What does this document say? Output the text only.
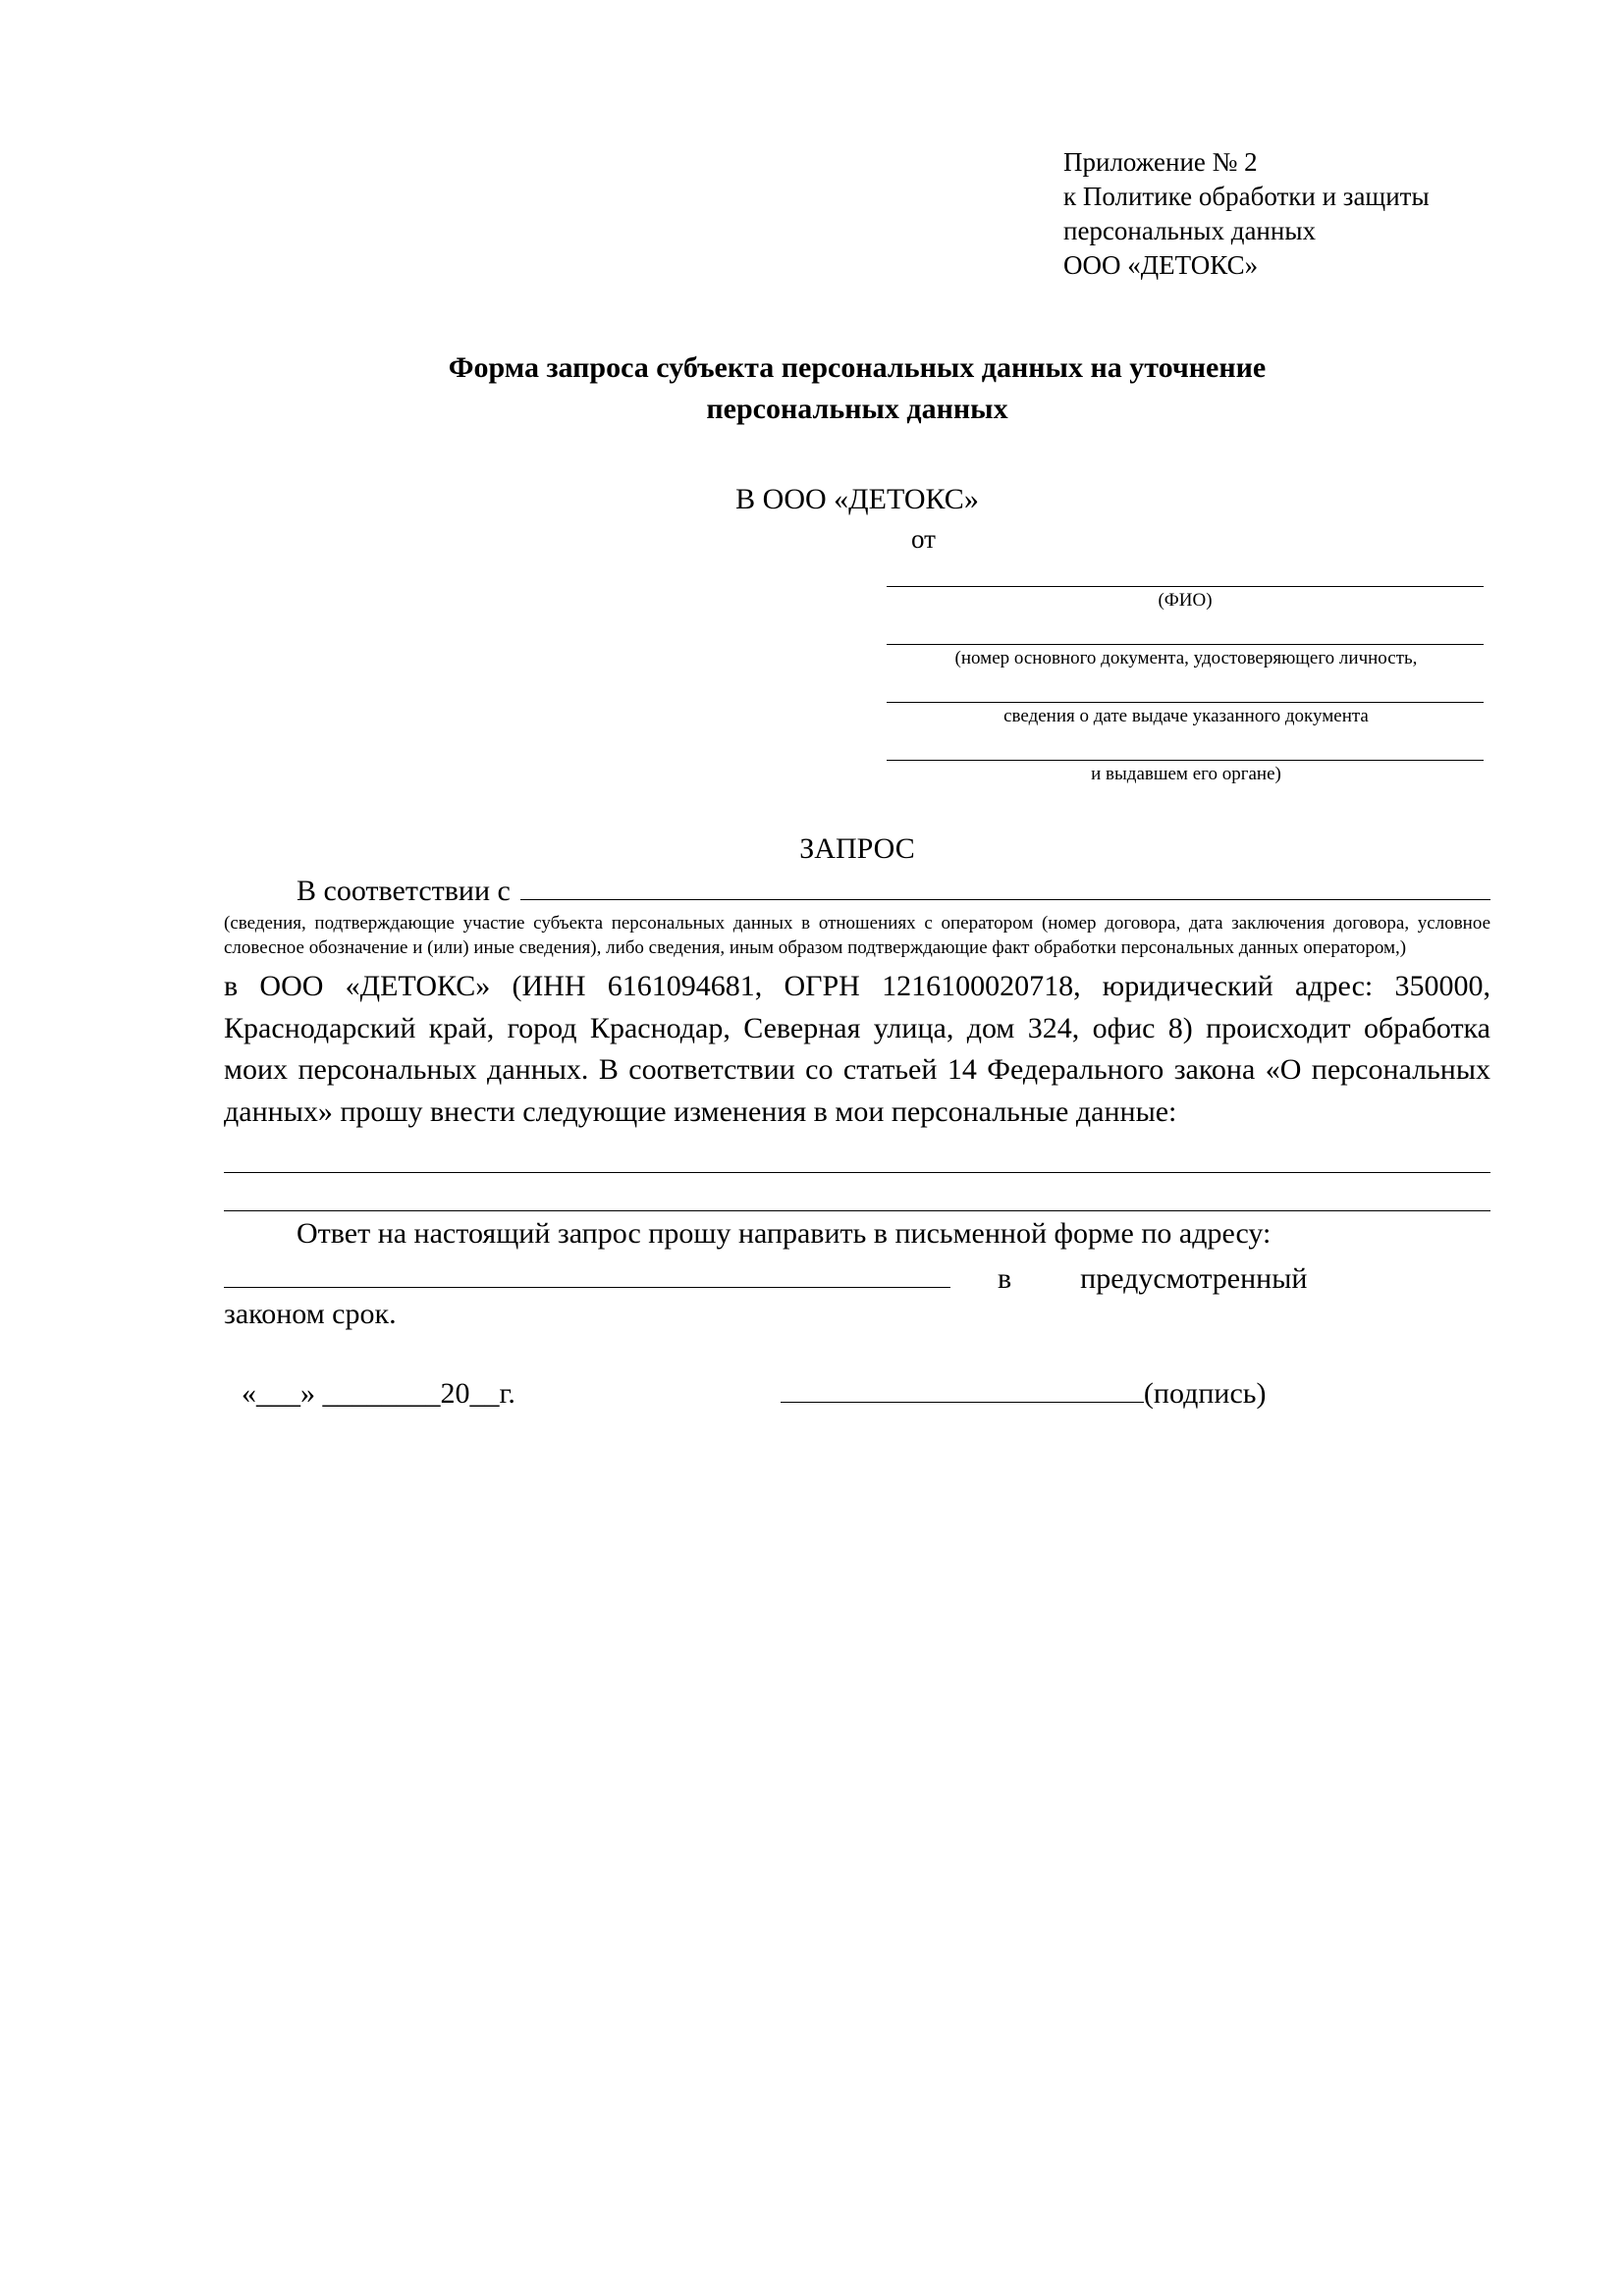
Приложение № 2
к Политике обработки и защиты
персональных данных
ООО «ДЕТОКС»
Форма запроса субъекта персональных данных на уточнение
персональных данных
В ООО «ДЕТОКС»
от
(ФИО)
(номер основного документа, удостоверяющего личность,
сведения о дате выдаче указанного документа
и выдавшем его органе)
ЗАПРОС
В соответствии с
(сведения, подтверждающие участие субъекта персональных данных в отношениях с оператором (номер договора, дата заключения договора, условное словесное обозначение и (или) иные сведения), либо сведения, иным образом подтверждающие факт обработки персональных данных оператором,)
в ООО «ДЕТОКС» (ИНН 6161094681, ОГРН 1216100020718, юридический адрес: 350000, Краснодарский край, город Краснодар, Северная улица, дом 324, офис 8) происходит обработка моих персональных данных. В соответствии со статьей 14 Федерального закона «О персональных данных» прошу внести следующие изменения в мои персональные данные:
Ответ на настоящий запрос прошу направить в письменной форме по адресу:
в	предусмотренный
законом срок.
«___» ________20__г.	(подпись)
